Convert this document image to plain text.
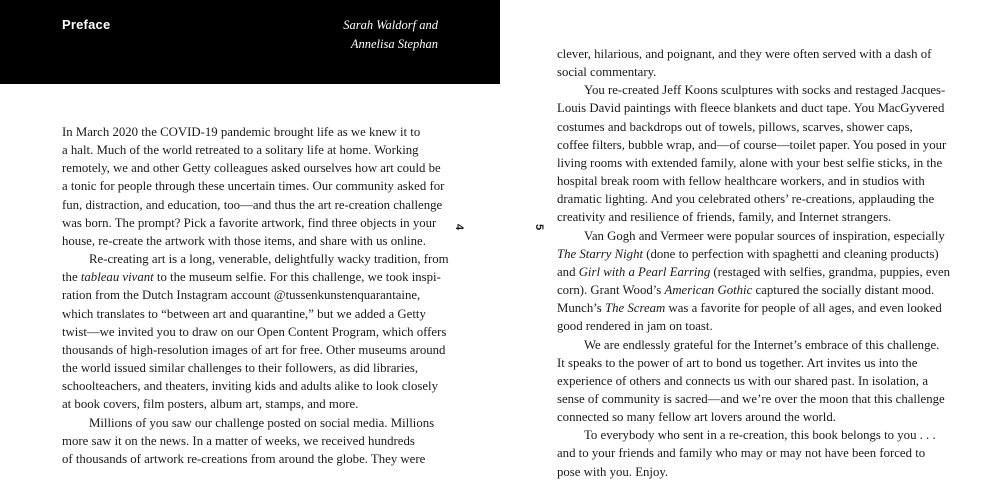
Preface	Sarah Waldorf and
Annelisa Stephan
4	5
In March 2020 the COVID-19 pandemic brought life as we knew it to
a halt. Much of the world retreated to a solitary life at home. Working
remotely, we and other Getty colleagues asked ourselves how art could be
a tonic for people through these uncertain times. Our community asked for
fun, distraction, and education, too—and thus the art re-creation challenge
was born. The prompt? Pick a favorite artwork, find three objects in your
house, re-create the artwork with those items, and share with us online.
Re-creating art is a long, venerable, delightfully wacky tradition, from
the tableau vivant to the museum selfie. For this challenge, we took inspi-
ration from the Dutch Instagram account @tussenkunstenquarantaine,
which translates to “between art and quarantine,” but we added a Getty
twist—we invited you to draw on our Open Content Program, which offers
thousands of high-resolution images of art for free. Other museums around
the world issued similar challenges to their followers, as did libraries,
schoolteachers, and theaters, inviting kids and adults alike to look closely
at book covers, film posters, album art, stamps, and more.
Millions of you saw our challenge posted on social media. Millions
more saw it on the news. In a matter of weeks, we received hundreds
of thousands of artwork re-creations from around the globe. They were
clever, hilarious, and poignant, and they were often served with a dash of
social commentary.
You re-created Jeff Koons sculptures with socks and restaged Jacques-
Louis David paintings with fleece blankets and duct tape. You MacGyvered
costumes and backdrops out of towels, pillows, scarves, shower caps,
coffee filters, bubble wrap, and—of course—toilet paper. You posed in your
living rooms with extended family, alone with your best selfie sticks, in the
hospital break room with fellow healthcare workers, and in studios with
dramatic lighting. And you celebrated others’ re-creations, applauding the
creativity and resilience of friends, family, and Internet strangers.
Van Gogh and Vermeer were popular sources of inspiration, especially
The Starry Night (done to perfection with spaghetti and cleaning products)
and Girl with a Pearl Earring (restaged with selfies, grandma, puppies, even
corn). Grant Wood’s American Gothic captured the socially distant mood.
Munch’s The Scream was a favorite for people of all ages, and even looked
good rendered in jam on toast.
We are endlessly grateful for the Internet’s embrace of this challenge.
It speaks to the power of art to bond us together. Art invites us into the
experience of others and connects us with our shared past. In isolation, a
sense of community is sacred—and we’re over the moon that this challenge
connected so many fellow art lovers around the world.
To everybody who sent in a re-creation, this book belongs to you . . .
and to your friends and family who may or may not have been forced to
pose with you. Enjoy.
